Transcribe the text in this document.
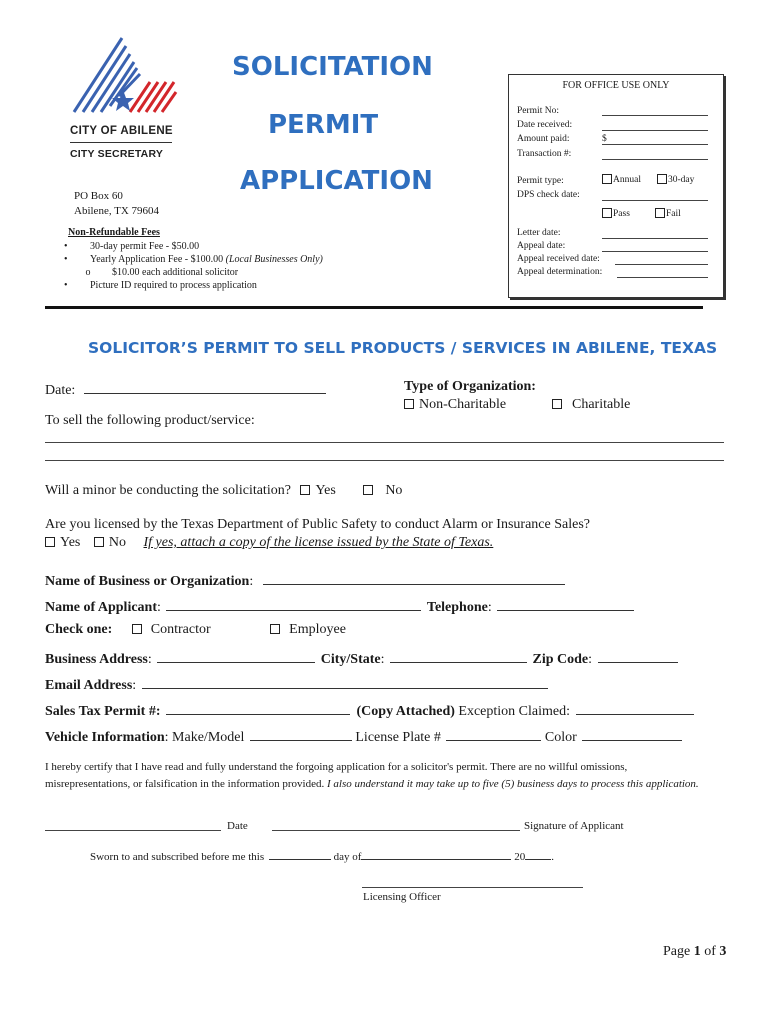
CITY OF ABILENE
CITY SECRETARY
SOLICITATION
PERMIT
APPLICATION
PO Box 60
Abilene, TX 79604
Non-Refundable Fees
• 30-day permit Fee - $50.00
• Yearly Application Fee - $100.00 (Local Businesses Only)
o $10.00 each additional solicitor
• Picture ID required to process application
FOR OFFICE USE ONLY
Permit No:
Date received:
Amount paid:	$
Transaction #:
Permit type:	Annual	30-day
DPS check date:
Pass	Fail
Letter date:
Appeal date:
Appeal received date:
Appeal determination:
SOLICITOR’S PERMIT TO SELL PRODUCTS / SERVICES IN ABILENE, TEXAS
Date:	Type of Organization:
Non-Charitable	Charitable
To sell the following product/service:
Will a minor be conducting the solicitation? Yes	No
Are you licensed by the Texas Department of Public Safety to conduct Alarm or Insurance Sales?
Yes No If yes, attach a copy of the license issued by the State of Texas.
Name of Business or Organization:
Name of Applicant:	Telephone:
Check one:	Contractor	Employee
Business Address:	City/State:	Zip Code:
Email Address:
Sales Tax Permit #:	(Copy Attached) Exception Claimed:
Vehicle Information: Make/Model	License Plate #	Color
I hereby certify that I have read and fully understand the forgoing application for a solicitor's permit. There are no willful omissions, misrepresentations, or falsification in the information provided. I also understand it may take up to five (5) business days to process this application.
Date	Signature of Applicant
Sworn to and subscribed before me this	day of	20 .
Licensing Officer
Page 1 of 3
